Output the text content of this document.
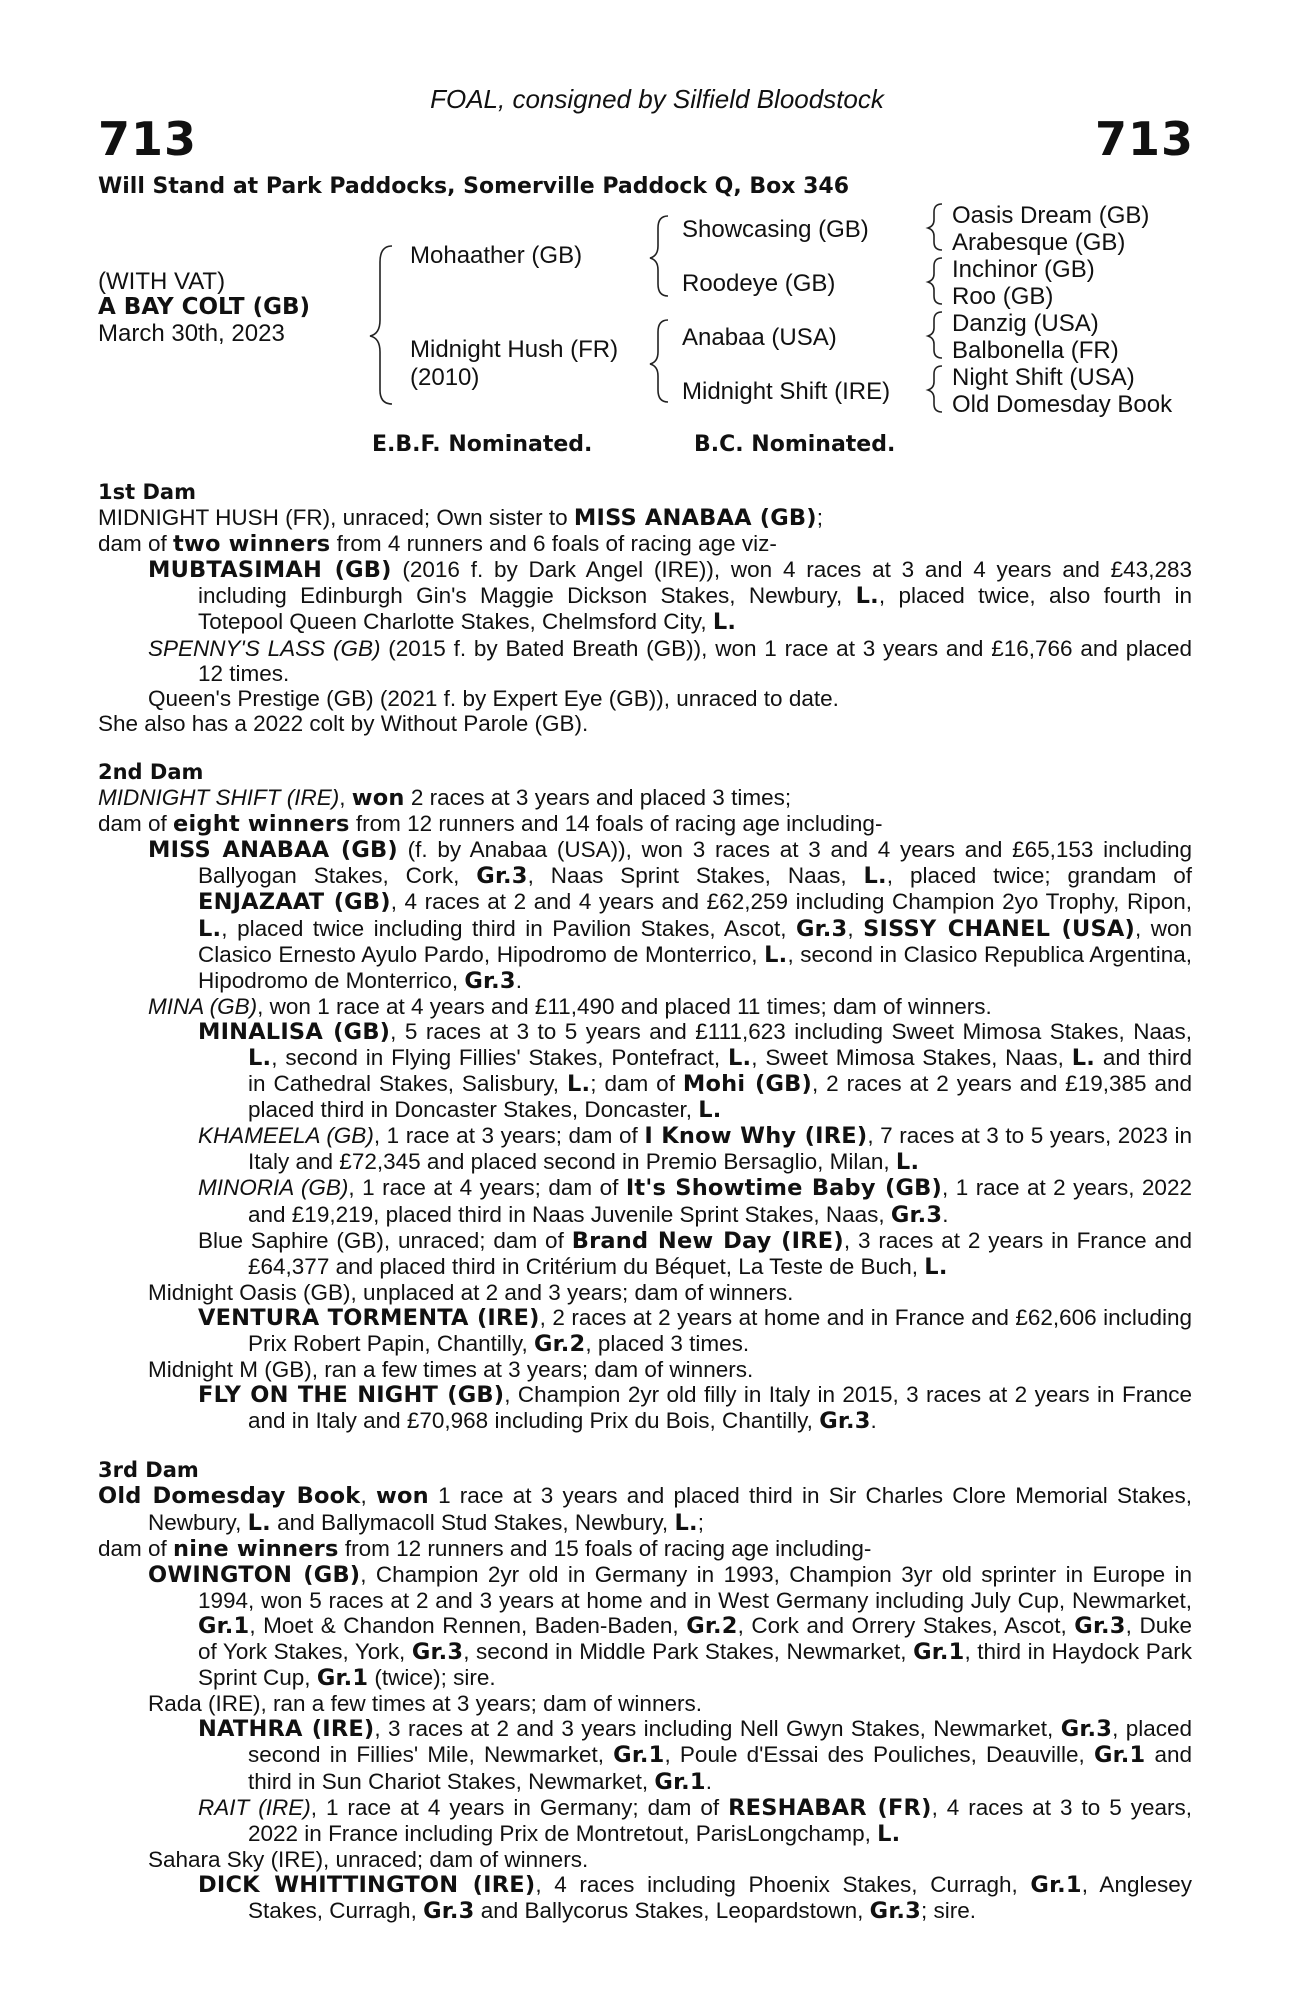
FOAL, consigned by Silfield Bloodstock
713	713
Will Stand at Park Paddocks, Somerville Paddock Q, Box 346
(WITH VAT)
A BAY COLT (GB)
March 30th, 2023
Mohaather (GB)
Midnight Hush (FR)
(2010)
Showcasing (GB)
Roodeye (GB)
Anabaa (USA)
Midnight Shift (IRE)
Oasis Dream (GB)
Arabesque (GB)
Inchinor (GB)
Roo (GB)
Danzig (USA)
Balbonella (FR)
Night Shift (USA)
Old Domesday Book
E.B.F. Nominated.	B.C. Nominated.
1st Dam
MIDNIGHT HUSH (FR), unraced; Own sister to MISS ANABAA (GB);
dam of two winners from 4 runners and 6 foals of racing age viz-
MUBTASIMAH (GB) (2016 f. by Dark Angel (IRE)), won 4 races at 3 and 4 years and £43,283 including Edinburgh Gin's Maggie Dickson Stakes, Newbury, L., placed twice, also fourth in Totepool Queen Charlotte Stakes, Chelmsford City, L.
SPENNY'S LASS (GB) (2015 f. by Bated Breath (GB)), won 1 race at 3 years and £16,766 and placed 12 times.
Queen's Prestige (GB) (2021 f. by Expert Eye (GB)), unraced to date.
She also has a 2022 colt by Without Parole (GB).
2nd Dam
MIDNIGHT SHIFT (IRE), won 2 races at 3 years and placed 3 times;
dam of eight winners from 12 runners and 14 foals of racing age including-
MISS ANABAA (GB) (f. by Anabaa (USA)), won 3 races at 3 and 4 years and £65,153 including Ballyogan Stakes, Cork, Gr.3, Naas Sprint Stakes, Naas, L., placed twice; grandam of ENJAZAAT (GB), 4 races at 2 and 4 years and £62,259 including Champion 2yo Trophy, Ripon, L., placed twice including third in Pavilion Stakes, Ascot, Gr.3, SISSY CHANEL (USA), won Clasico Ernesto Ayulo Pardo, Hipodromo de Monterrico, L., second in Clasico Republica Argentina, Hipodromo de Monterrico, Gr.3.
MINA (GB), won 1 race at 4 years and £11,490 and placed 11 times; dam of winners.
MINALISA (GB), 5 races at 3 to 5 years and £111,623 including Sweet Mimosa Stakes, Naas, L., second in Flying Fillies' Stakes, Pontefract, L., Sweet Mimosa Stakes, Naas, L. and third in Cathedral Stakes, Salisbury, L.; dam of Mohi (GB), 2 races at 2 years and £19,385 and placed third in Doncaster Stakes, Doncaster, L.
KHAMEELA (GB), 1 race at 3 years; dam of I Know Why (IRE), 7 races at 3 to 5 years, 2023 in Italy and £72,345 and placed second in Premio Bersaglio, Milan, L.
MINORIA (GB), 1 race at 4 years; dam of It's Showtime Baby (GB), 1 race at 2 years, 2022 and £19,219, placed third in Naas Juvenile Sprint Stakes, Naas, Gr.3.
Blue Saphire (GB), unraced; dam of Brand New Day (IRE), 3 races at 2 years in France and £64,377 and placed third in Critérium du Béquet, La Teste de Buch, L.
Midnight Oasis (GB), unplaced at 2 and 3 years; dam of winners.
VENTURA TORMENTA (IRE), 2 races at 2 years at home and in France and £62,606 including Prix Robert Papin, Chantilly, Gr.2, placed 3 times.
Midnight M (GB), ran a few times at 3 years; dam of winners.
FLY ON THE NIGHT (GB), Champion 2yr old filly in Italy in 2015, 3 races at 2 years in France and in Italy and £70,968 including Prix du Bois, Chantilly, Gr.3.
3rd Dam
Old Domesday Book, won 1 race at 3 years and placed third in Sir Charles Clore Memorial Stakes, Newbury, L. and Ballymacoll Stud Stakes, Newbury, L.;
dam of nine winners from 12 runners and 15 foals of racing age including-
OWINGTON (GB), Champion 2yr old in Germany in 1993, Champion 3yr old sprinter in Europe in 1994, won 5 races at 2 and 3 years at home and in West Germany including July Cup, Newmarket, Gr.1, Moet & Chandon Rennen, Baden-Baden, Gr.2, Cork and Orrery Stakes, Ascot, Gr.3, Duke of York Stakes, York, Gr.3, second in Middle Park Stakes, Newmarket, Gr.1, third in Haydock Park Sprint Cup, Gr.1 (twice); sire.
Rada (IRE), ran a few times at 3 years; dam of winners.
NATHRA (IRE), 3 races at 2 and 3 years including Nell Gwyn Stakes, Newmarket, Gr.3, placed second in Fillies' Mile, Newmarket, Gr.1, Poule d'Essai des Pouliches, Deauville, Gr.1 and third in Sun Chariot Stakes, Newmarket, Gr.1.
RAIT (IRE), 1 race at 4 years in Germany; dam of RESHABAR (FR), 4 races at 3 to 5 years, 2022 in France including Prix de Montretout, ParisLongchamp, L.
Sahara Sky (IRE), unraced; dam of winners.
DICK WHITTINGTON (IRE), 4 races including Phoenix Stakes, Curragh, Gr.1, Anglesey Stakes, Curragh, Gr.3 and Ballycorus Stakes, Leopardstown, Gr.3; sire.
